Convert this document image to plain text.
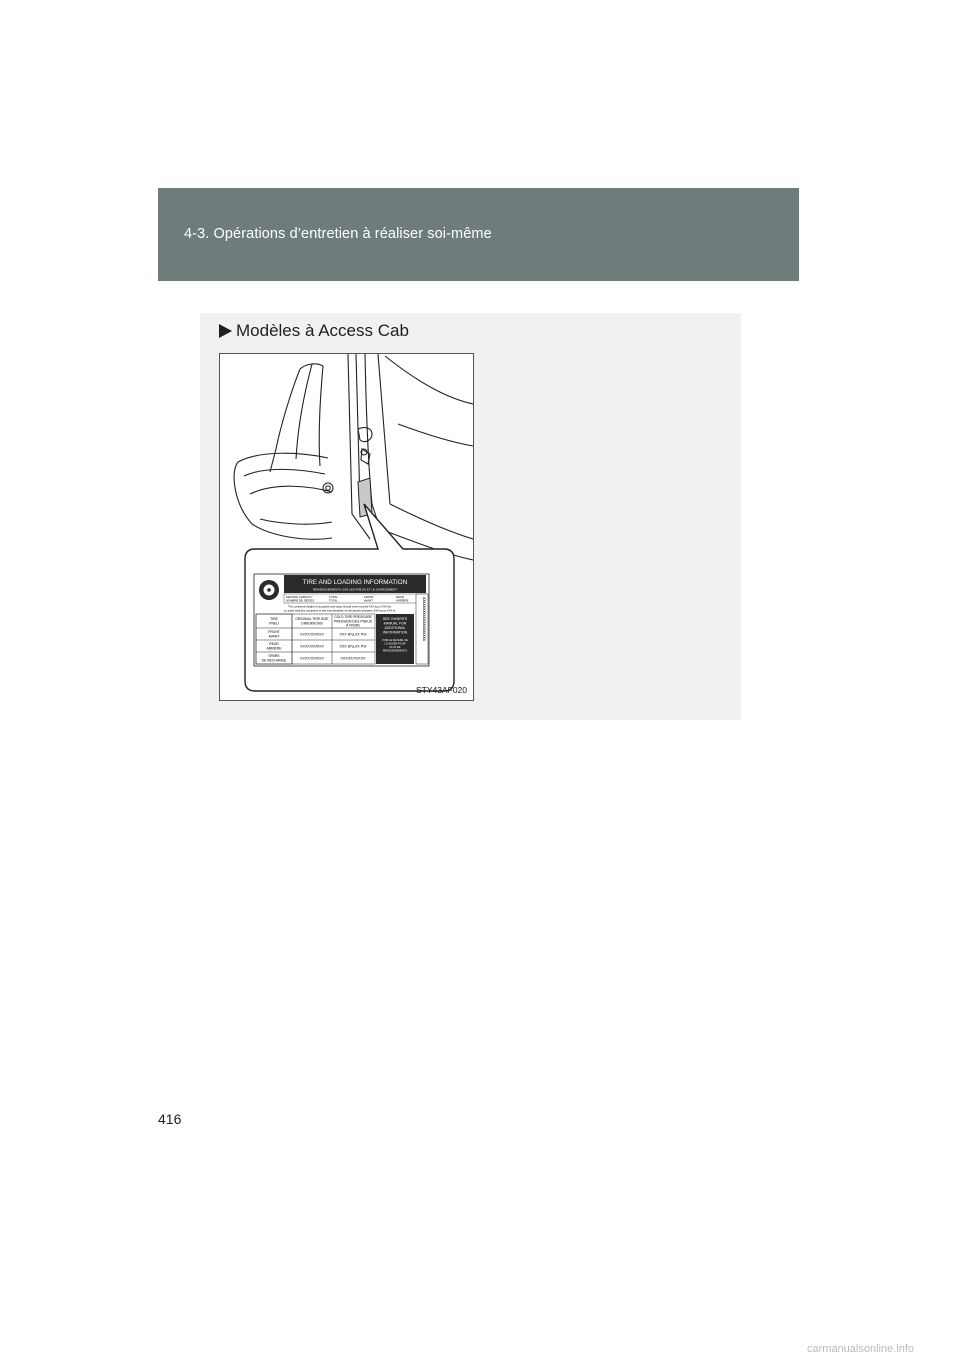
4-3. Opérations d’entretien à réaliser soi-même
Modèles à Access Cab
TIRE AND LOADING INFORMATION
RENSEIGNEMENTS SUR LES PNEUS ET LE CHARGEMENT
SEATING CAPACITY
NOMBRE DE SIÈGES
TOTAL
TOTAL
FRONT
AVANT
REAR
ARRIÈRE
The combined weight of occupants and cargo should never exceed XXX kg or XXX lbs.
Le poids total des occupants et des marchandises ne doit jamais dépasser XXX kg ou XXX lb.
TIRE
PNEU
ORIGINAL TIRE SIZE
DIMENSIONS
COLD TIRE PRESSURE
PRESSION DES PNEUS
À FROID
FRONT
AVANT	XXXX/XX/RXX	XXX kPa,XX PSI
REAR
ARRIÈRE	XXXX/XX/RXX	XXX kPa,XX PSI
SPARE
DE RECHANGE	XXXX/XX/RXX	XXXXX/XXXXX
SEE OWNER'S
MANUAL FOR
ADDITIONAL
INFORMATION
VOIR LE MANUEL DE
L'USAGER POUR
PLUS DE
RENSEIGNEMENTS
XXXXXXXXXXXXXXXXXXXX
STY43AF020
416
carmanualsonline.info
